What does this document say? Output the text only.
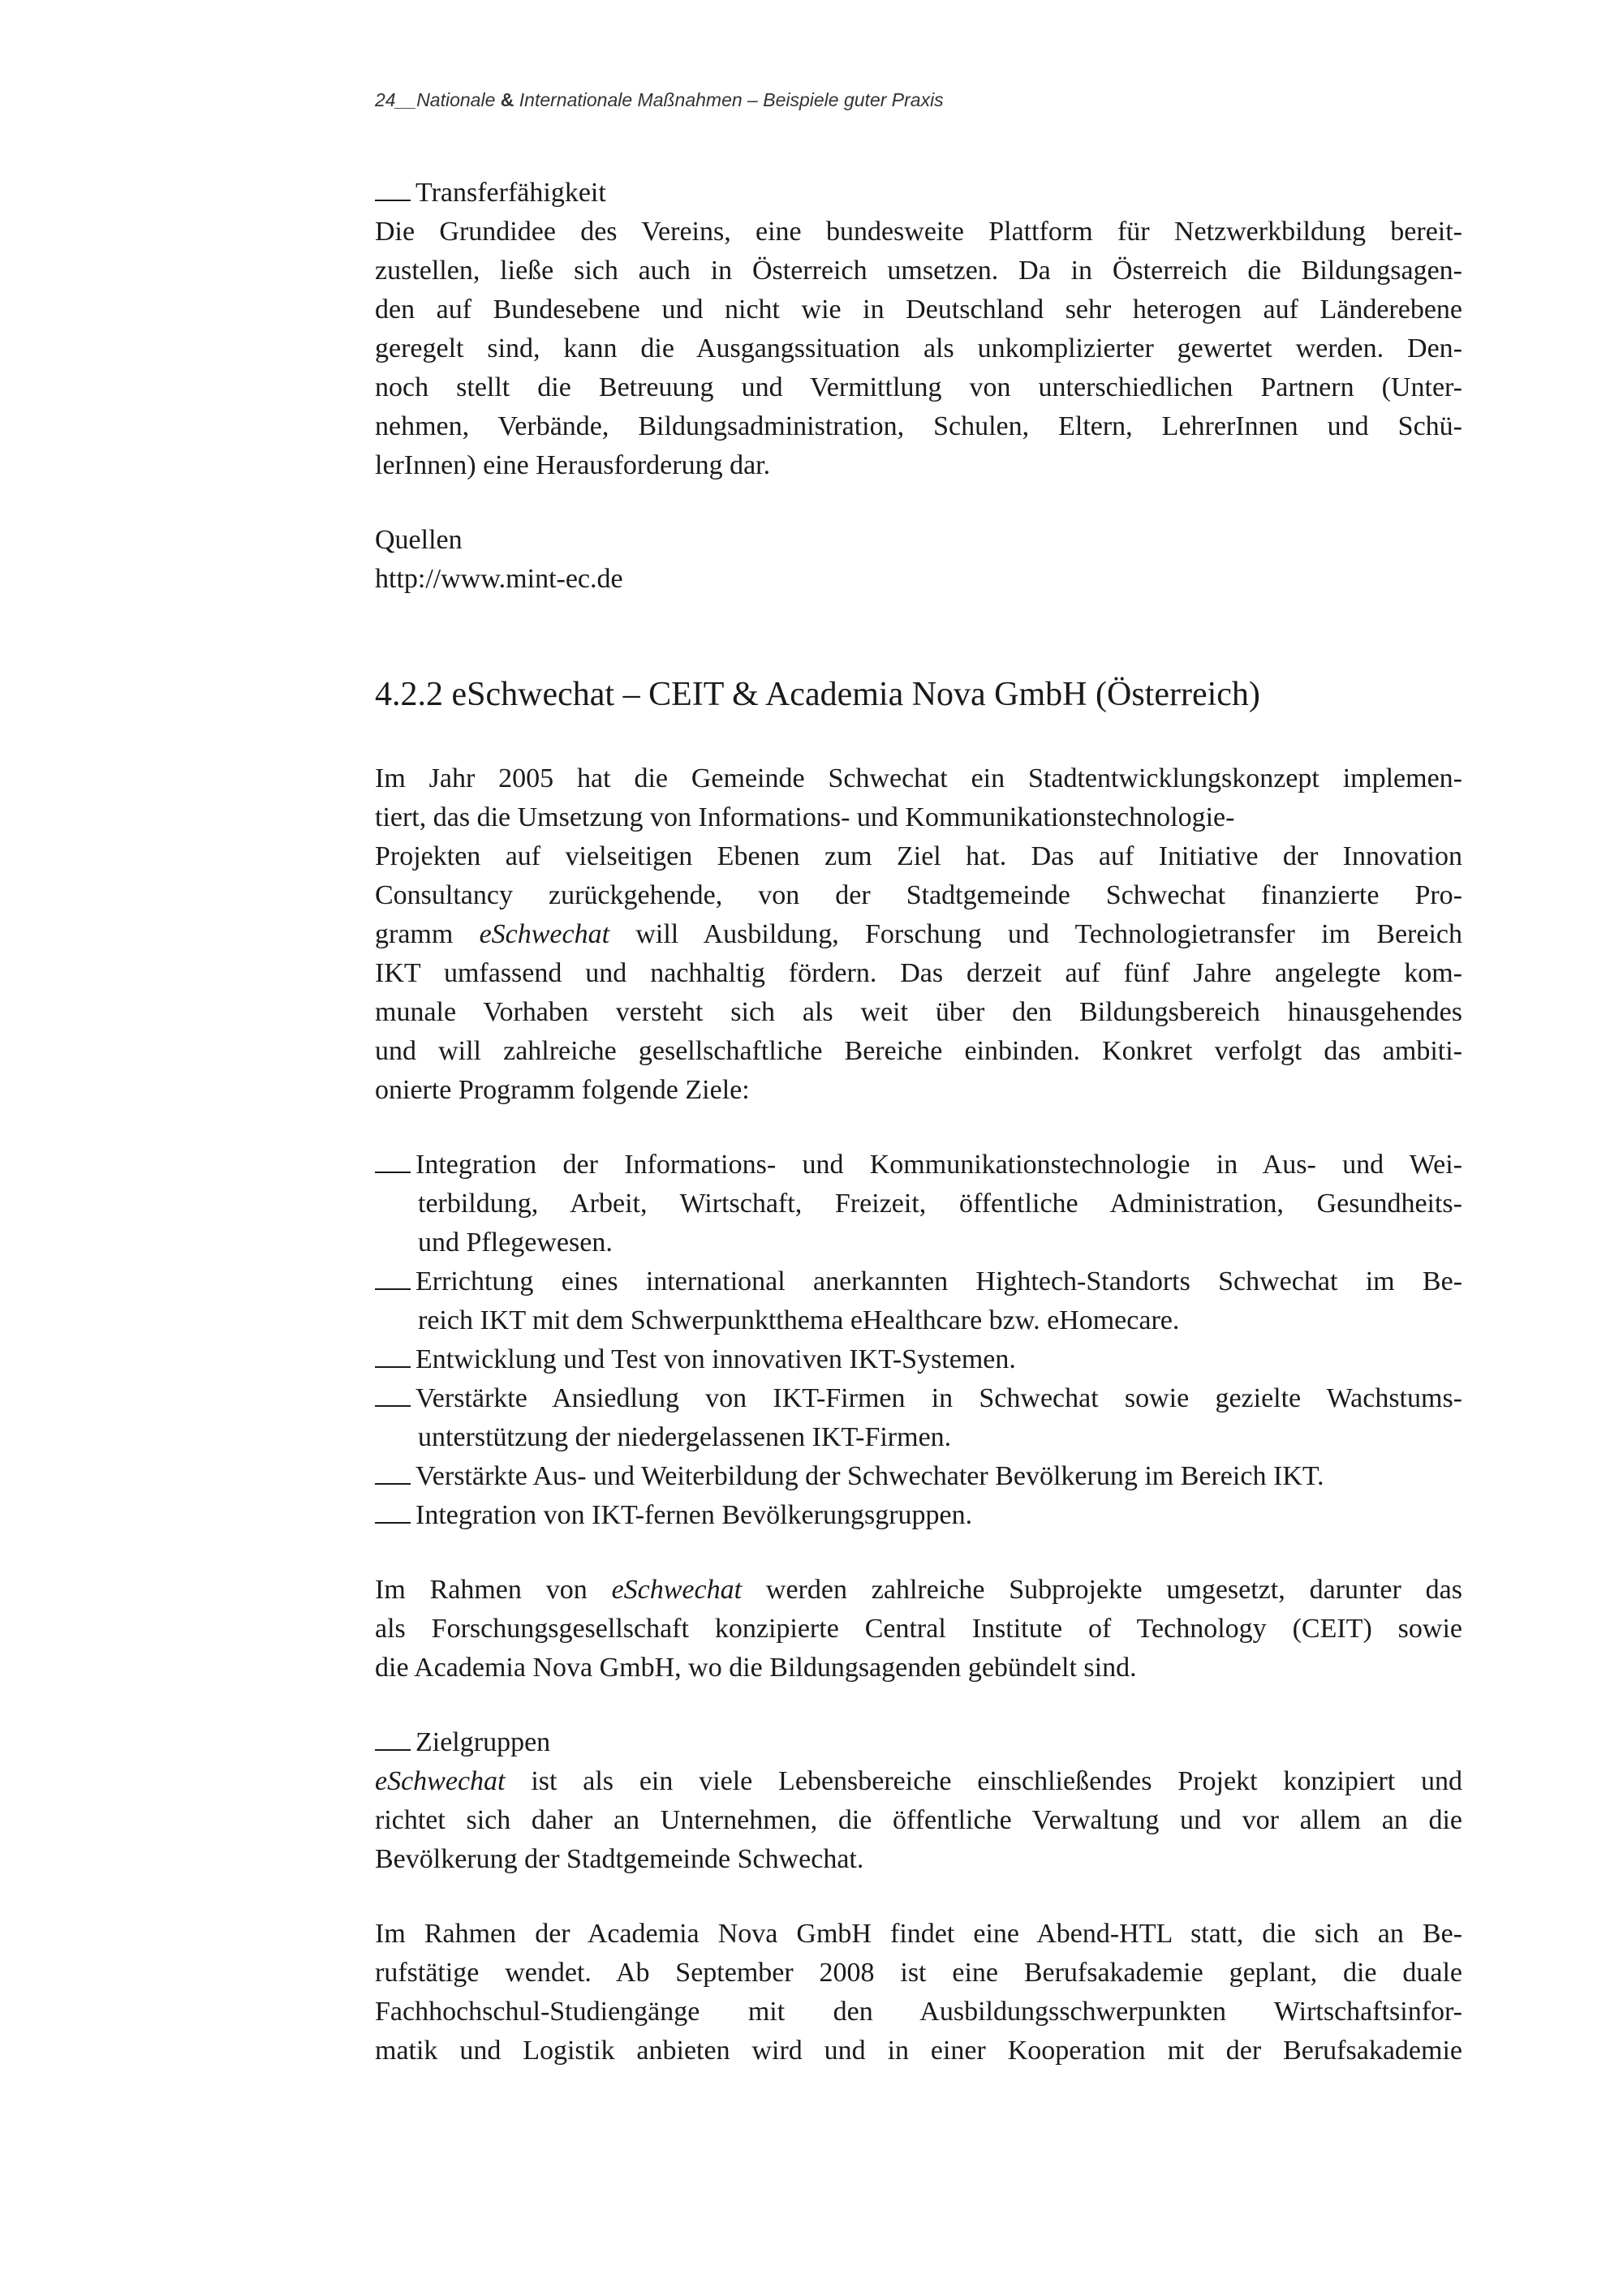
24__Nationale & Internationale Maßnahmen – Beispiele guter Praxis
Transferfähigkeit
Die Grundidee des Vereins, eine bundesweite Plattform für Netzwerkbildung bereit-
zustellen, ließe sich auch in Österreich umsetzen. Da in Österreich die Bildungsagen-
den auf Bundesebene und nicht wie in Deutschland sehr heterogen auf Länderebene
geregelt sind, kann die Ausgangssituation als unkomplizierter gewertet werden. Den-
noch stellt die Betreuung und Vermittlung von unterschiedlichen Partnern (Unter-
nehmen, Verbände, Bildungsadministration, Schulen, Eltern, LehrerInnen und Schü-
lerInnen) eine Herausforderung dar.
Quellen
http://www.mint-ec.de
4.2.2 eSchwechat – CEIT & Academia Nova GmbH (Österreich)
Im Jahr 2005 hat die Gemeinde Schwechat ein Stadtentwicklungskonzept implemen-
tiert, das die Umsetzung von Informations- und Kommunikationstechnologie-
Projekten auf vielseitigen Ebenen zum Ziel hat. Das auf Initiative der Innovation
Consultancy zurückgehende, von der Stadtgemeinde Schwechat finanzierte Pro-
gramm eSchwechat will Ausbildung, Forschung und Technologietransfer im Bereich
IKT umfassend und nachhaltig fördern. Das derzeit auf fünf Jahre angelegte kom-
munale Vorhaben versteht sich als weit über den Bildungsbereich hinausgehendes
und will zahlreiche gesellschaftliche Bereiche einbinden. Konkret verfolgt das ambiti-
onierte Programm folgende Ziele:
Integration der Informations- und Kommunikationstechnologie in Aus- und Wei-
terbildung, Arbeit, Wirtschaft, Freizeit, öffentliche Administration, Gesundheits-
und Pflegewesen.
Errichtung eines international anerkannten Hightech-Standorts Schwechat im Be-
reich IKT mit dem Schwerpunktthema eHealthcare bzw. eHomecare.
Entwicklung und Test von innovativen IKT-Systemen.
Verstärkte Ansiedlung von IKT-Firmen in Schwechat sowie gezielte Wachstums-
unterstützung der niedergelassenen IKT-Firmen.
Verstärkte Aus- und Weiterbildung der Schwechater Bevölkerung im Bereich IKT.
Integration von IKT-fernen Bevölkerungsgruppen.
Im Rahmen von eSchwechat werden zahlreiche Subprojekte umgesetzt, darunter das
als Forschungsgesellschaft konzipierte Central Institute of Technology (CEIT) sowie
die Academia Nova GmbH, wo die Bildungsagenden gebündelt sind.
Zielgruppen
eSchwechat ist als ein viele Lebensbereiche einschließendes Projekt konzipiert und
richtet sich daher an Unternehmen, die öffentliche Verwaltung und vor allem an die
Bevölkerung der Stadtgemeinde Schwechat.
Im Rahmen der Academia Nova GmbH findet eine Abend-HTL statt, die sich an Be-
rufstätige wendet. Ab September 2008 ist eine Berufsakademie geplant, die duale
Fachhochschul-Studiengänge mit den Ausbildungsschwerpunkten Wirtschaftsinfor-
matik und Logistik anbieten wird und in einer Kooperation mit der Berufsakademie
